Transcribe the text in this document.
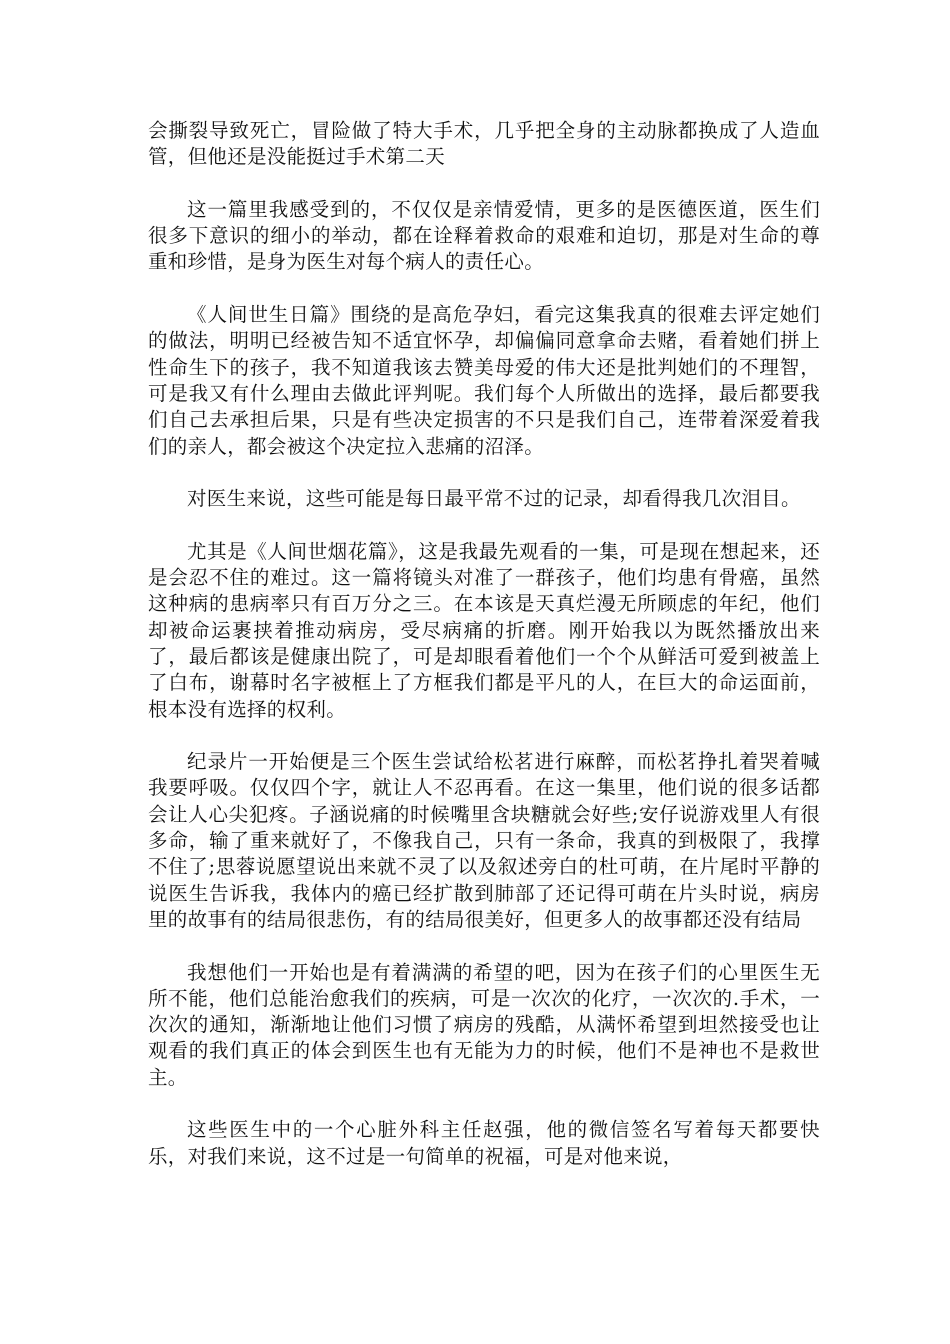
会撕裂导致死亡，冒险做了特大手术，几乎把全身的主动脉都换成了人造血管，但他还是没能挺过手术第二天

这一篇里我感受到的，不仅仅是亲情爱情，更多的是医德医道，医生们很多下意识的细小的举动，都在诠释着救命的艰难和迫切，那是对生命的尊重和珍惜，是身为医生对每个病人的责任心。

《人间世生日篇》围绕的是高危孕妇，看完这集我真的很难去评定她们的做法，明明已经被告知不适宜怀孕，却偏偏同意拿命去赌，看着她们拼上性命生下的孩子，我不知道我该去赞美母爱的伟大还是批判她们的不理智，可是我又有什么理由去做此评判呢。我们每个人所做出的选择，最后都要我们自己去承担后果，只是有些决定损害的不只是我们自己，连带着深爱着我们的亲人，都会被这个决定拉入悲痛的沼泽。

对医生来说，这些可能是每日最平常不过的记录，却看得我几次泪目。

尤其是《人间世烟花篇》，这是我最先观看的一集，可是现在想起来，还是会忍不住的难过。这一篇将镜头对准了一群孩子，他们均患有骨癌，虽然这种病的患病率只有百万分之三。在本该是天真烂漫无所顾虑的年纪，他们却被命运裹挟着推动病房，受尽病痛的折磨。刚开始我以为既然播放出来了，最后都该是健康出院了，可是却眼看着他们一个个从鲜活可爱到被盖上了白布，谢幕时名字被框上了方框我们都是平凡的人，在巨大的命运面前，根本没有选择的权利。

纪录片一开始便是三个医生尝试给松茗进行麻醉，而松茗挣扎着哭着喊我要呼吸。仅仅四个字，就让人不忍再看。在这一集里，他们说的很多话都会让人心尖犯疼。子涵说痛的时候嘴里含块糖就会好些;安仔说游戏里人有很多命，输了重来就好了，不像我自己，只有一条命，我真的到极限了，我撑不住了;思蓉说愿望说出来就不灵了以及叙述旁白的杜可萌，在片尾时平静的说医生告诉我，我体内的癌已经扩散到肺部了还记得可萌在片头时说，病房里的故事有的结局很悲伤，有的结局很美好，但更多人的故事都还没有结局

我想他们一开始也是有着满满的希望的吧，因为在孩子们的心里医生无所不能，他们总能治愈我们的疾病，可是一次次的化疗，一次次的.手术，一次次的通知，渐渐地让他们习惯了病房的残酷，从满怀希望到坦然接受也让观看的我们真正的体会到医生也有无能为力的时候，他们不是神也不是救世主。

这些医生中的一个心脏外科主任赵强，他的微信签名写着每天都要快乐，对我们来说，这不过是一句简单的祝福，可是对他来说，
